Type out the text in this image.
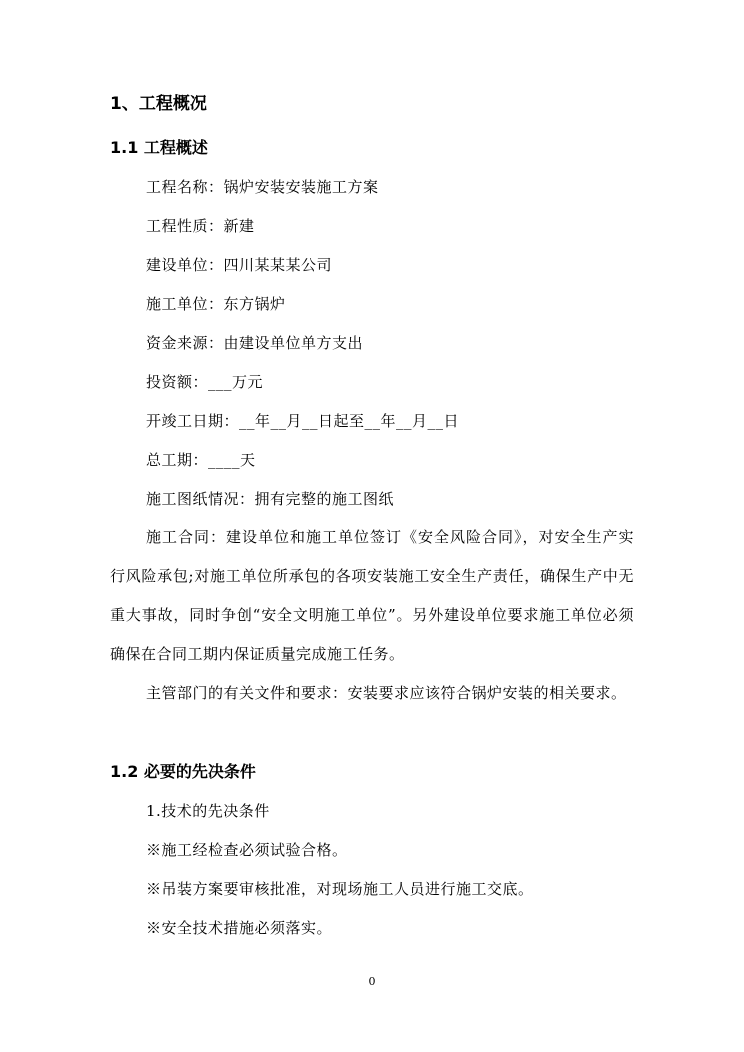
1、工程概况
1.1 工程概述
工程名称：锅炉安装安装施工方案
工程性质：新建
建设单位：四川某某某公司
施工单位：东方锅炉
资金来源：由建设单位单方支出
投资额：___万元
开竣工日期：__年__月__日起至__年__月__日
总工期：____天
施工图纸情况：拥有完整的施工图纸
施工合同：建设单位和施工单位签订《安全风险合同》，对安全生产实行风险承包;对施工单位所承包的各项安装施工安全生产责任，确保生产中无重大事故，同时争创“安全文明施工单位”。另外建设单位要求施工单位必须确保在合同工期内保证质量完成施工任务。
主管部门的有关文件和要求：安装要求应该符合锅炉安装的相关要求。
1.2 必要的先决条件
1.技术的先决条件
※施工经检查必须试验合格。
※吊装方案要审核批准，对现场施工人员进行施工交底。
※安全技术措施必须落实。
0
